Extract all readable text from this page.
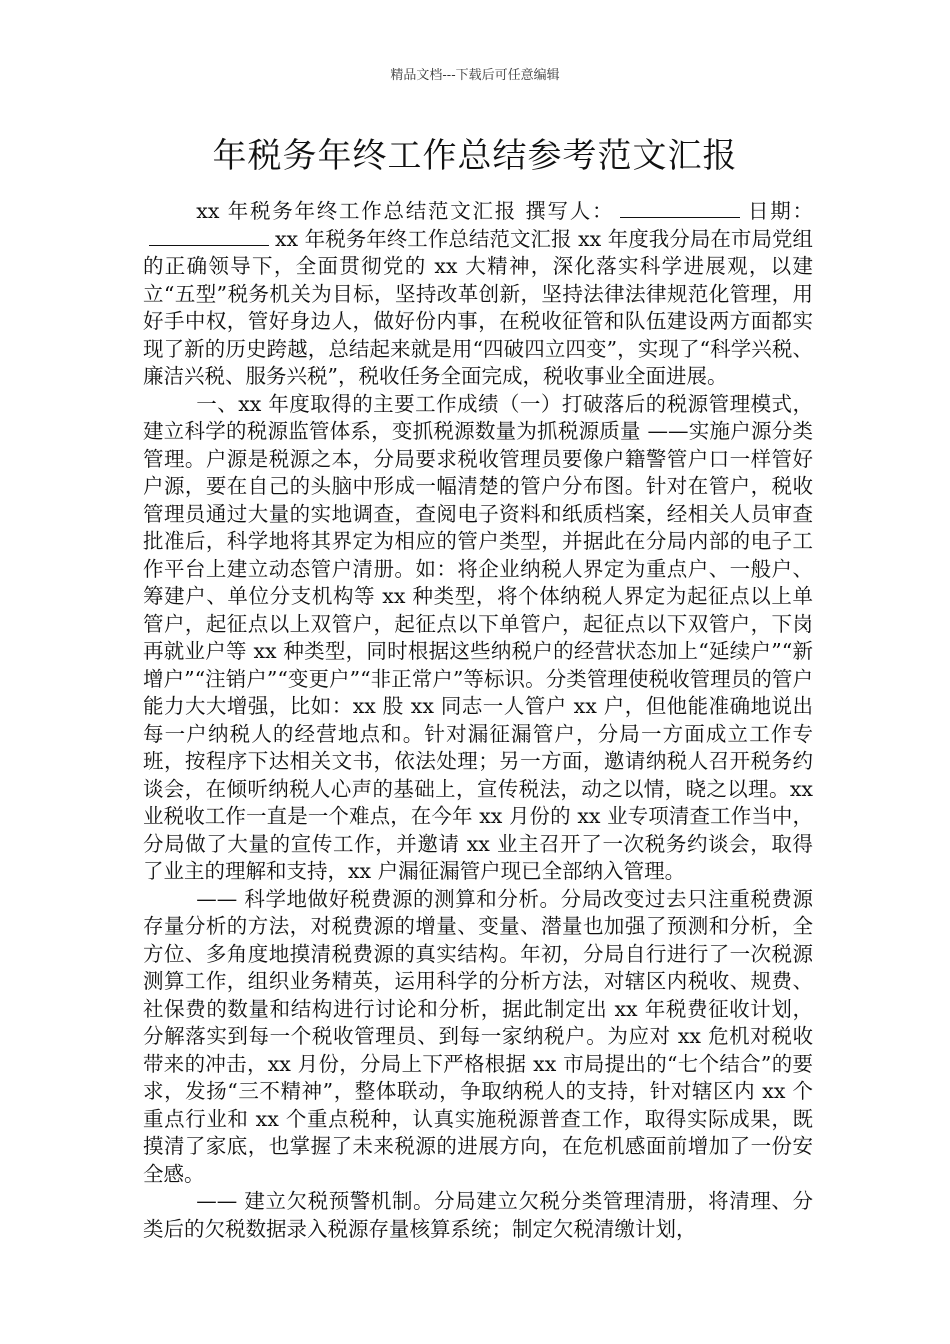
精品文档---下载后可任意编辑
年税务年终工作总结参考范文汇报

xx 年税务年终工作总结范文汇报 撰写人：	日期：xx 年税务年终工作总结范文汇报 xx 年度我分局在市局党组的正确领导下，全面贯彻党的 xx 大精神，深化落实科学进展观，以建立“五型”税务机关为目标，坚持改革创新，坚持法律法律规范化管理，用好手中权，管好身边人，做好份内事，在税收征管和队伍建设两方面都实现了新的历史跨越，总结起来就是用“四破四立四变”，实现了“科学兴税、廉洁兴税、服务兴税”，税收任务全面完成，税收事业全面进展。

一、xx 年度取得的主要工作成绩（一）打破落后的税源管理模式，建立科学的税源监管体系，变抓税源数量为抓税源质量 ——实施户源分类管理。户源是税源之本，分局要求税收管理员要像户籍警管户口一样管好户源，要在自己的头脑中形成一幅清楚的管户分布图。针对在管户，税收管理员通过大量的实地调查，查阅电子资料和纸质档案，经相关人员审查批准后，科学地将其界定为相应的管户类型，并据此在分局内部的电子工作平台上建立动态管户清册。如：将企业纳税人界定为重点户、一般户、筹建户、单位分支机构等 xx 种类型，将个体纳税人界定为起征点以上单管户，起征点以上双管户，起征点以下单管户，起征点以下双管户，下岗再就业户等 xx 种类型，同时根据这些纳税户的经营状态加上“延续户”“新增户”“注销户”“变更户”“非正常户”等标识。分类管理使税收管理员的管户能力大大增强，比如：xx 股 xx 同志一人管户 xx 户，但他能准确地说出每一户纳税人的经营地点和。针对漏征漏管户，分局一方面成立工作专班，按程序下达相关文书，依法处理；另一方面，邀请纳税人召开税务约谈会，在倾听纳税人心声的基础上，宣传税法，动之以情，晓之以理。xx 业税收工作一直是一个难点，在今年 xx 月份的 xx 业专项清查工作当中，分局做了大量的宣传工作，并邀请 xx 业主召开了一次税务约谈会，取得了业主的理解和支持，xx 户漏征漏管户现已全部纳入管理。

—— 科学地做好税费源的测算和分析。分局改变过去只注重税费源存量分析的方法，对税费源的增量、变量、潜量也加强了预测和分析，全方位、多角度地摸清税费源的真实结构。年初，分局自行进行了一次税源测算工作，组织业务精英，运用科学的分析方法，对辖区内税收、规费、社保费的数量和结构进行讨论和分析，据此制定出 xx 年税费征收计划，分解落实到每一个税收管理员、到每一家纳税户。为应对 xx 危机对税收带来的冲击，xx 月份，分局上下严格根据 xx 市局提出的“七个结合”的要求，发扬“三不精神”，整体联动，争取纳税人的支持，针对辖区内 xx 个重点行业和 xx 个重点税种，认真实施税源普查工作，取得实际成果，既摸清了家底，也掌握了未来税源的进展方向，在危机感面前增加了一份安全感。

—— 建立欠税预警机制。分局建立欠税分类管理清册，将清理、分类后的欠税数据录入税源存量核算系统；制定欠税清缴计划，
